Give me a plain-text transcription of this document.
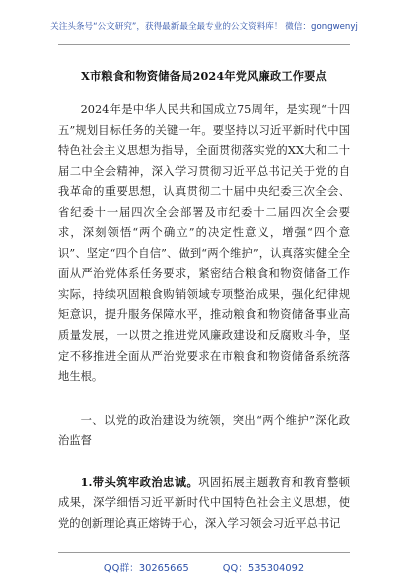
关注头条号“公文研究”，获得最新最全最专业的公文资料库！ 微信：gongwenyj
X市粮食和物资储备局2024年党风廉政工作要点

2024年是中华人民共和国成立75周年，是实现“十四五”规划目标任务的关键一年。要坚持以习近平新时代中国特色社会主义思想为指导，全面贯彻落实党的XX大和二十届二中全会精神，深入学习贯彻习近平总书记关于党的自我革命的重要思想，认真贯彻二十届中央纪委三次全会、省纪委十一届四次全会部署及市纪委十二届四次全会要求，深刻领悟“两个确立”的决定性意义，增强“四个意识”、坚定“四个自信”、做到“两个维护”，认真落实健全全面从严治党体系任务要求，紧密结合粮食和物资储备工作实际，持续巩固粮食购销领域专项整治成果，强化纪律规矩意识，提升服务保障水平，推动粮食和物资储备事业高质量发展，一以贯之推进党风廉政建设和反腐败斗争，坚定不移推进全面从严治党要求在市粮食和物资储备系统落地生根。

一、以党的政治建设为统领，突出“两个维护”深化政治监督

1.带头筑牢政治忠诚。巩固拓展主题教育和教育整顿成果，深学细悟习近平新时代中国特色社会主义思想，使党的创新理论真正熔铸于心，深入学习领会习近平总书记

QQ群：30265665	QQ：535304092
